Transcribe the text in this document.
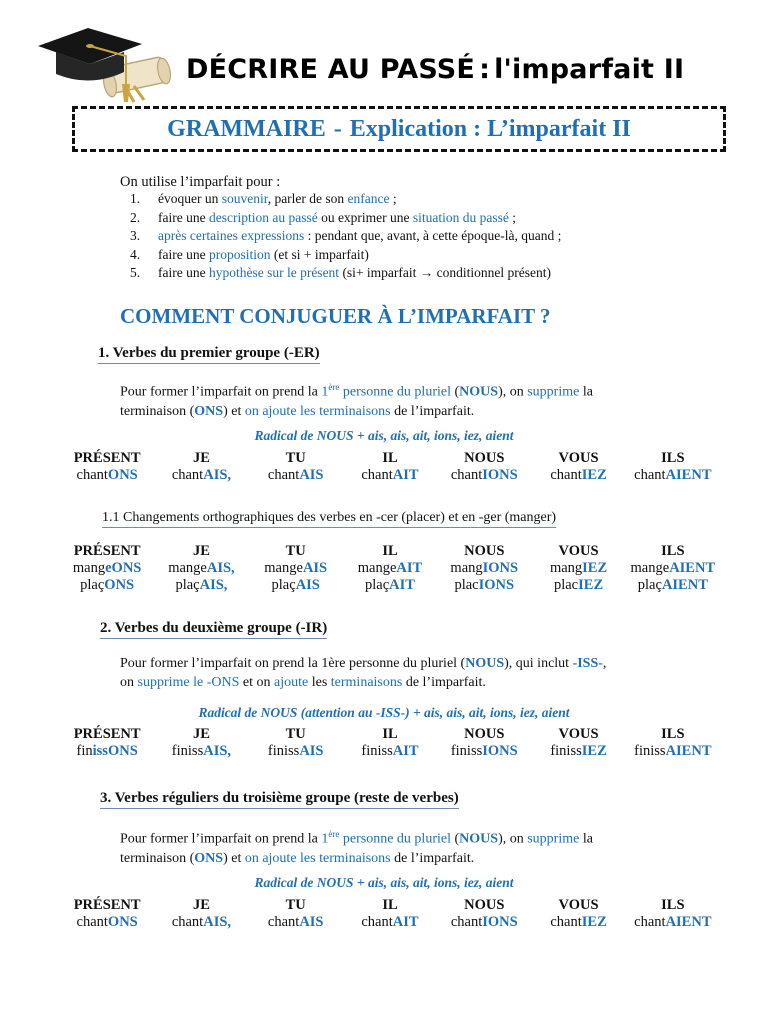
DÉCRIRE AU PASSÉ : l'imparfait II
GRAMMAIRE - Explication : L’imparfait II
On utilise l’imparfait pour :
1. évoquer un souvenir, parler de son enfance ;
2. faire une description au passé ou exprimer une situation du passé ;
3. après certaines expressions : pendant que, avant, à cette époque-là, quand ;
4. faire une proposition (et si + imparfait)
5. faire une hypothèse sur le présent (si+ imparfait → conditionnel présent)
COMMENT CONJUGUER À L’IMPARFAIT ?
1. Verbes du premier groupe (-ER)
Pour former l’imparfait on prend la 1ère personne du pluriel (NOUS), on supprime la
terminaison (ONS) et on ajoute les terminaisons de l’imparfait.
Radical de NOUS + ais, ais, ait, ions, iez, aient
PRÉSENT	JE	TU	IL	NOUS	VOUS	ILS
chantONS	chantAIS,	chantAIS	chantAIT	chantIONS	chantIEZ	chantAIENT
1.1 Changements orthographiques des verbes en -cer (placer) et en -ger (manger)
PRÉSENT	JE	TU	IL	NOUS	VOUS	ILS
mangeONS	mangeAIS,	mangeAIS	mangeAIT	mangIONS	mangIEZ	mangeAIENT
plaçONS	plaçAIS,	plaçAIS	plaçAIT	placIONS	placIEZ	plaçAIENT
2. Verbes du deuxième groupe (-IR)
Pour former l’imparfait on prend la 1ère personne du pluriel (NOUS), qui inclut -ISS-,
on supprime le -ONS et on ajoute les terminaisons de l’imparfait.
Radical de NOUS (attention au -ISS-) + ais, ais, ait, ions, iez, aient
PRÉSENT	JE	TU	IL	NOUS	VOUS	ILS
finissONS	finissAIS,	finissAIS	finissAIT	finissIONS	finissIEZ	finissAIENT
3. Verbes réguliers du troisième groupe (reste de verbes)
Pour former l’imparfait on prend la 1ère personne du pluriel (NOUS), on supprime la
terminaison (ONS) et on ajoute les terminaisons de l’imparfait.
Radical de NOUS + ais, ais, ait, ions, iez, aient
PRÉSENT	JE	TU	IL	NOUS	VOUS	ILS
chantONS	chantAIS,	chantAIS	chantAIT	chantIONS	chantIEZ	chantAIENT
